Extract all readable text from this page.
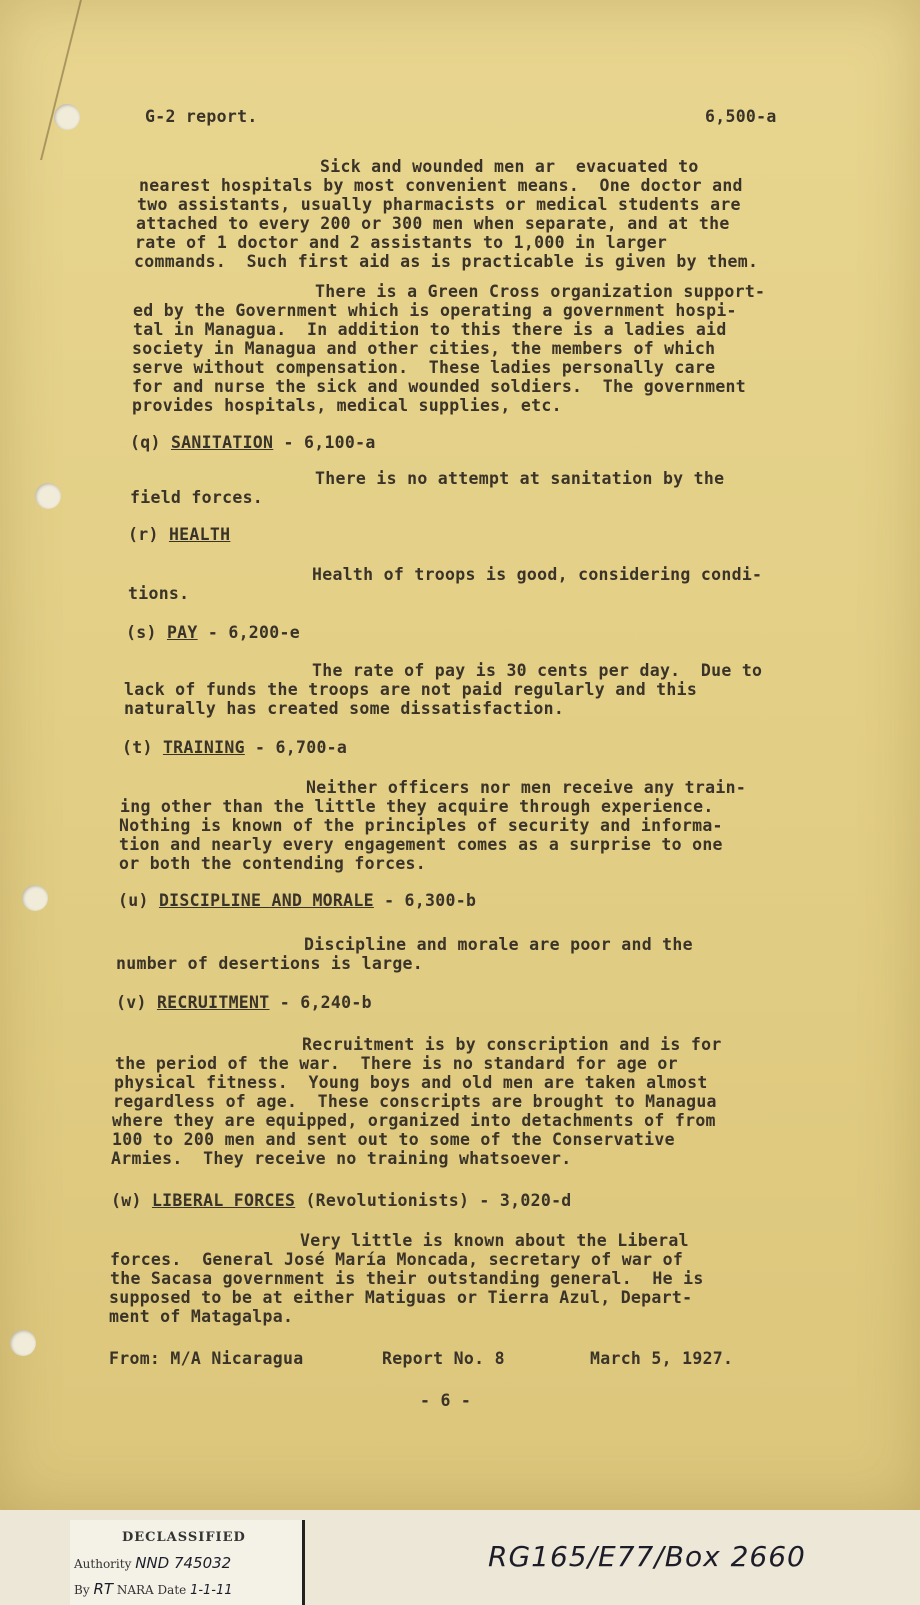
G-2 report.	6,500-a
Sick and wounded men ar  evacuated to
nearest hospitals by most convenient means.  One doctor and
two assistants, usually pharmacists or medical students are
attached to every 200 or 300 men when separate, and at the
rate of 1 doctor and 2 assistants to 1,000 in larger
commands.  Such first aid as is practicable is given by them.
There is a Green Cross organization support-
ed by the Government which is operating a government hospi-
tal in Managua.  In addition to this there is a ladies aid
society in Managua and other cities, the members of which
serve without compensation.  These ladies personally care
for and nurse the sick and wounded soldiers.  The government
provides hospitals, medical supplies, etc.
(q) SANITATION - 6,100-a
There is no attempt at sanitation by the
field forces.
(r) HEALTH
Health of troops is good, considering condi-
tions.
(s) PAY - 6,200-e
The rate of pay is 30 cents per day.  Due to
lack of funds the troops are not paid regularly and this
naturally has created some dissatisfaction.
(t) TRAINING - 6,700-a
Neither officers nor men receive any train-
ing other than the little they acquire through experience.
Nothing is known of the principles of security and informa-
tion and nearly every engagement comes as a surprise to one
or both the contending forces.
(u) DISCIPLINE AND MORALE - 6,300-b
Discipline and morale are poor and the
number of desertions is large.
(v) RECRUITMENT - 6,240-b
Recruitment is by conscription and is for
the period of the war.  There is no standard for age or
physical fitness.  Young boys and old men are taken almost
regardless of age.  These conscripts are brought to Managua
where they are equipped, organized into detachments of from
100 to 200 men and sent out to some of the Conservative
Armies.  They receive no training whatsoever.
(w) LIBERAL FORCES (Revolutionists) - 3,020-d
Very little is known about the Liberal
forces.  General José María Moncada, secretary of war of
the Sacasa government is their outstanding general.  He is
supposed to be at either Matiguas or Tierra Azul, Depart-
ment of Matagalpa.
From: M/A Nicaragua	Report No. 8	March 5, 1927.
- 6 -
DECLASSIFIED
Authority NND 745032
By RT NARA Date 1-1-11
RG165/E77/Box 2660
